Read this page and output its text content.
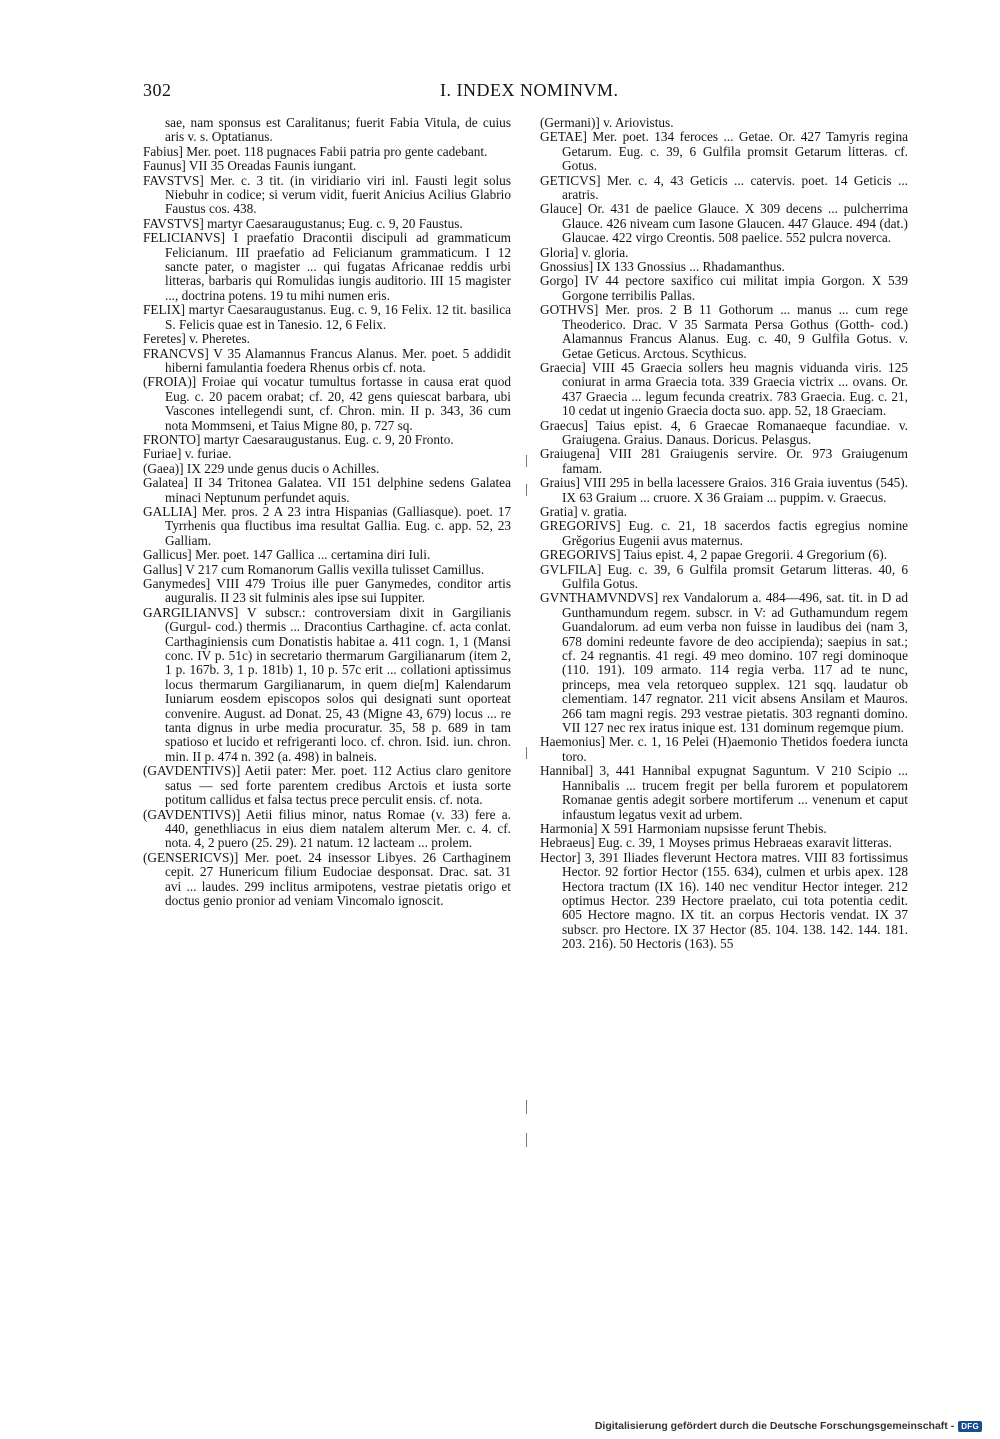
302	I. INDEX NOMINVM.

sae, nam sponsus est Caralitanus; fuerit Fabia Vitula, de cuius aris v. s. Optatianus.

Fabius] Mer. poet. 118 pugnaces Fabii patria pro gente cadebant.

Faunus] VII 35 Oreadas Faunis iungant.

FAVSTVS] Mer. c. 3 tit. (in viridiario viri inl. Fausti legit solus Niebuhr in codice; si verum vidit, fuerit Anicius Acilius Glabrio Faustus cos. 438.

FAVSTVS] martyr Caesaraugustanus; Eug. c. 9, 20 Faustus.

FELICIANVS] I praefatio Dracontii discipuli ad grammaticum Felicianum. III praefatio ad Felicianum grammaticum. I 12 sancte pater, o magister ... qui fugatas Africanae reddis urbi litteras, barbaris qui Romulidas iungis auditorio. III 15 magister ..., doctrina potens. 19 tu mihi numen eris.

FELIX] martyr Caesaraugustanus. Eug. c. 9, 16 Felix. 12 tit. basilica S. Felicis quae est in Tanesio. 12, 6 Felix.

Feretes] v. Pheretes.

FRANCVS] V 35 Alamannus Francus Alanus. Mer. poet. 5 addidit hiberni famulantia foedera Rhenus orbis cf. nota.

(FROIA)] Froiae qui vocatur tumultus fortasse in causa erat quod Eug. c. 20 pacem orabat; cf. 20, 42 gens quiescat barbara, ubi Vascones intellegendi sunt, cf. Chron. min. II p. 343, 36 cum nota Mommseni, et Taius Migne 80, p. 727 sq.

FRONTO] martyr Caesaraugustanus. Eug. c. 9, 20 Fronto.

Furiae] v. furiae.

(Gaea)] IX 229 unde genus ducis o Achilles.

Galatea] II 34 Tritonea Galatea. VII 151 delphine sedens Galatea minaci Neptunum perfundet aquis.

GALLIA] Mer. pros. 2 A 23 intra Hispanias (Galliasque). poet. 17 Tyrrhenis qua fluctibus ima resultat Gallia. Eug. c. app. 52, 23 Galliam.

Gallicus] Mer. poet. 147 Gallica ... certamina diri Iuli.

Gallus] V 217 cum Romanorum Gallis vexilla tulisset Camillus.

Ganymedes] VIII 479 Troius ille puer Ganymedes, conditor artis auguralis. II 23 sit fulminis ales ipse sui Iuppiter.

GARGILIANVS] V subscr.: controversiam dixit in Gargilianis (Gurgul- cod.) thermis ... Dracontius Carthagine. cf. acta conlat. Carthaginiensis cum Donatistis habitae a. 411 cogn. 1, 1 (Mansi conc. IV p. 51c) in secretario thermarum Gargilianarum (item 2, 1 p. 167b. 3, 1 p. 181b) 1, 10 p. 57c erit ... collationi aptissimus locus thermarum Gargilianarum, in quem die[m] Kalendarum Iuniarum eosdem episcopos solos qui designati sunt oporteat convenire. August. ad Donat. 25, 43 (Migne 43, 679) locus ... re tanta dignus in urbe media procuratur. 35, 58 p. 689 in tam spatioso et lucido et refrigeranti loco. cf. chron. Isid. iun. chron. min. II p. 474 n. 392 (a. 498) in balneis.

(GAVDENTIVS)] Aetii pater: Mer. poet. 112 Actius claro genitore satus — sed forte parentem credibus Arctois et iusta sorte potitum callidus et falsa tectus prece perculit ensis. cf. nota.

(GAVDENTIVS)] Aetii filius minor, natus Romae (v. 33) fere a. 440, genethliacus in eius diem natalem alterum Mer. c. 4. cf. nota. 4, 2 puero (25. 29). 21 natum. 12 lacteam ... prolem.

(GENSERICVS)] Mer. poet. 24 insessor Libyes. 26 Carthaginem cepit. 27 Hunericum filium Eudociae desponsat. Drac. sat. 31 avi ... laudes. 299 inclitus armipotens, vestrae pietatis origo et doctus genio pronior ad veniam Vincomalo ignoscit.

(Germani)] v. Ariovistus.

GETAE] Mer. poet. 134 feroces ... Getae. Or. 427 Tamyris regina Getarum. Eug. c. 39, 6 Gulfila promsit Getarum litteras. cf. Gotus.

GETICVS] Mer. c. 4, 43 Geticis ... catervis. poet. 14 Geticis ... aratris.

Glauce] Or. 431 de paelice Glauce. X 309 decens ... pulcherrima Glauce. 426 niveam cum Iasone Glaucen. 447 Glauce. 494 (dat.) Glaucae. 422 virgo Creontis. 508 paelice. 552 pulcra noverca.

Gloria] v. gloria.

Gnossius] IX 133 Gnossius ... Rhadamanthus.

Gorgo] IV 44 pectore saxifico cui militat impia Gorgon. X 539 Gorgone terribilis Pallas.

GOTHVS] Mer. pros. 2 B 11 Gothorum ... manus ... cum rege Theoderico. Drac. V 35 Sarmata Persa Gothus (Gotth- cod.) Alamannus Francus Alanus. Eug. c. 40, 9 Gulfila Gotus. v. Getae Geticus. Arctous. Scythicus.

Graecia] VIII 45 Graecia sollers heu magnis viduanda viris. 125 coniurat in arma Graecia tota. 339 Graecia victrix ... ovans. Or. 437 Graecia ... legum fecunda creatrix. 783 Graecia. Eug. c. 21, 10 cedat ut ingenio Graecia docta suo. app. 52, 18 Graeciam.

Graecus] Taius epist. 4, 6 Graecae Romanaeque facundiae. v. Graiugena. Graius. Danaus. Doricus. Pelasgus.

Graiugena] VIII 281 Graiugenis servire. Or. 973 Graiugenum famam.

Graius] VIII 295 in bella lacessere Graios. 316 Graia iuventus (545). IX 63 Graium ... cruore. X 36 Graiam ... puppim. v. Graecus.

Gratia] v. gratia.

GREGORIVS] Eug. c. 21, 18 sacerdos factis egregius nomine Grěgorius Eugenii avus maternus.

GREGORIVS] Taius epist. 4, 2 papae Gregorii. 4 Gregorium (6).

GVLFILA] Eug. c. 39, 6 Gulfila promsit Getarum litteras. 40, 6 Gulfila Gotus.

GVNTHAMVNDVS] rex Vandalorum a. 484—496, sat. tit. in D ad Gunthamundum regem. subscr. in V: ad Guthamundum regem Guandalorum. ad eum verba non fuisse in laudibus dei (nam 3, 678 domini redeunte favore de deo accipienda); saepius in sat.; cf. 24 regnantis. 41 regi. 49 meo domino. 107 regi dominoque (110. 191). 109 armato. 114 regia verba. 117 ad te nunc, princeps, mea vela retorqueo supplex. 121 sqq. laudatur ob clementiam. 147 regnator. 211 vicit absens Ansilam et Mauros. 266 tam magni regis. 293 vestrae pietatis. 303 regnanti domino. VII 127 nec rex iratus inique est. 131 dominum regemque pium.

Haemonius] Mer. c. 1, 16 Pelei (H)aemonio Thetidos foedera iuncta toro.

Hannibal] 3, 441 Hannibal expugnat Saguntum. V 210 Scipio ... Hannibalis ... trucem fregit per bella furorem et populatorem Romanae gentis adegit sorbere mortiferum ... venenum et caput infaustum legatus vexit ad urbem.

Harmonia] X 591 Harmoniam nupsisse ferunt Thebis.

Hebraeus] Eug. c. 39, 1 Moyses primus Hebraeas exaravit litteras.

Hector] 3, 391 Iliades fleverunt Hectora matres. VIII 83 fortissimus Hector. 92 fortior Hector (155. 634), culmen et urbis apex. 128 Hectora tractum (IX 16). 140 nec venditur Hector integer. 212 optimus Hector. 239 Hectore praelato, cui tota potentia cedit. 605 Hectore magno. IX tit. an corpus Hectoris vendat. IX 37 subscr. pro Hectore. IX 37 Hector (85. 104. 138. 142. 144. 181. 203. 216). 50 Hectoris (163). 55

Digitalisierung gefördert durch die Deutsche Forschungsgemeinschaft - DFG
